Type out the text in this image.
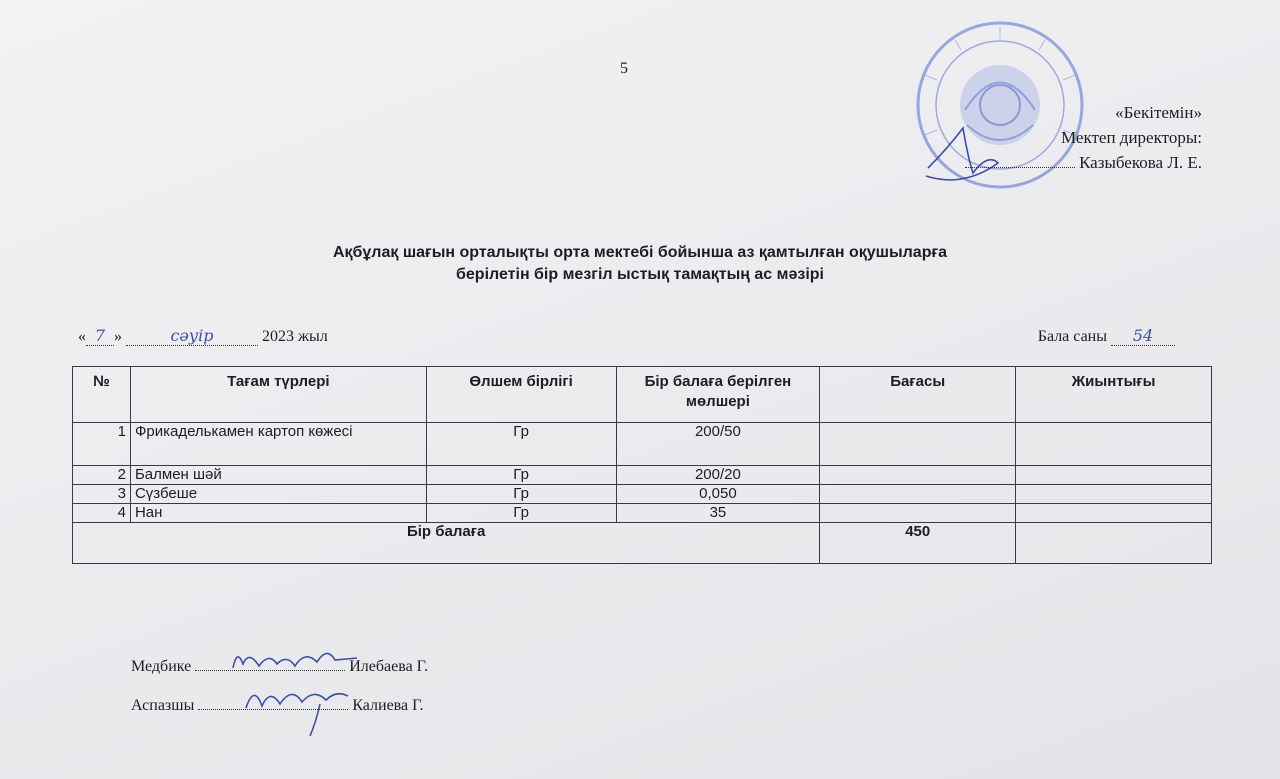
5
«Бекітемін»
Мектеп директоры:
Казыбекова Л. Е.
Ақбұлақ шағын орталықты орта мектебі бойынша аз қамтылған оқушыларға
берілетін бір мезгіл ыстық тамақтың ас мәзірі
« 7 »	сәуір	2023 жыл	Бала саны 54
№	Тағам түрлері	Өлшем бірлігі	Бір балаға берілген мөлшері	Бағасы	Жиынтығы
1	Фрикаделькамен картоп көжесі	Гр	200/50		
2	Балмен шәй	Гр	200/20		
3	Сүзбеше	Гр	0,050		
4	Нан	Гр	35		
Бір балаға				450	
Медбике	Илебаева Г.
Аспазшы	Калиева Г.
